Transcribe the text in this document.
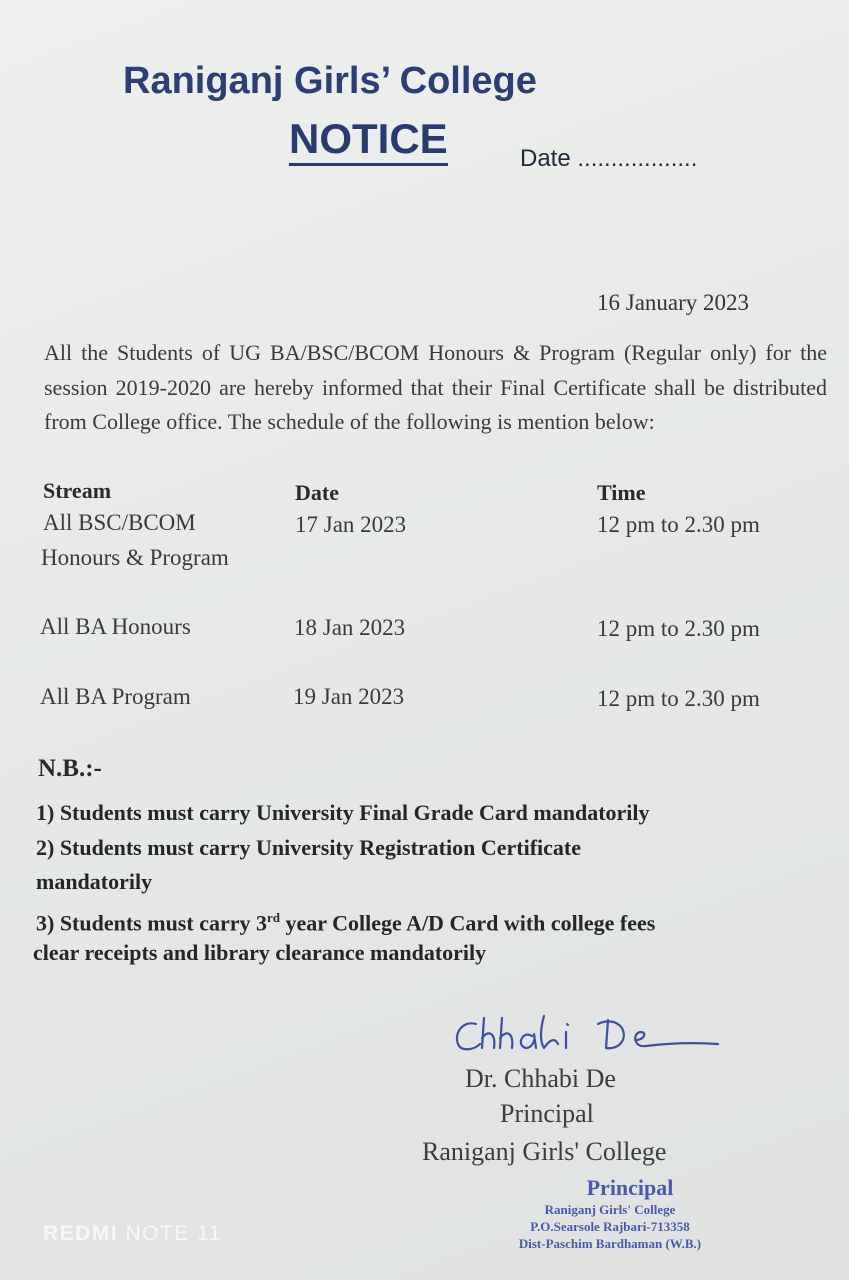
Raniganj Girls’ College
NOTICE	Date ..................
16 January 2023
All the Students of UG BA/BSC/BCOM Honours & Program (Regular only) for the session 2019-2020 are hereby informed that their Final Certificate shall be distributed from College office. The schedule of the following is mention below:
Stream	Date	Time
All BSC/BCOM
Honours & Program
17 Jan 2023	12 pm to 2.30 pm
All BA Honours	18 Jan 2023	12 pm to 2.30 pm
All BA Program	19 Jan 2023	12 pm to 2.30 pm
N.B.:-
1) Students must carry University Final Grade Card mandatorily
2) Students must carry University Registration Certificate
mandatorily
3) Students must carry 3rd year College A/D Card with college fees
clear receipts and library clearance mandatorily
Dr. Chhabi De
Principal
Raniganj Girls' College
Principal
Raniganj Girls' College
P.O.Searsole Rajbari-713358
Dist-Paschim Bardhaman (W.B.)
REDMI NOTE 11
